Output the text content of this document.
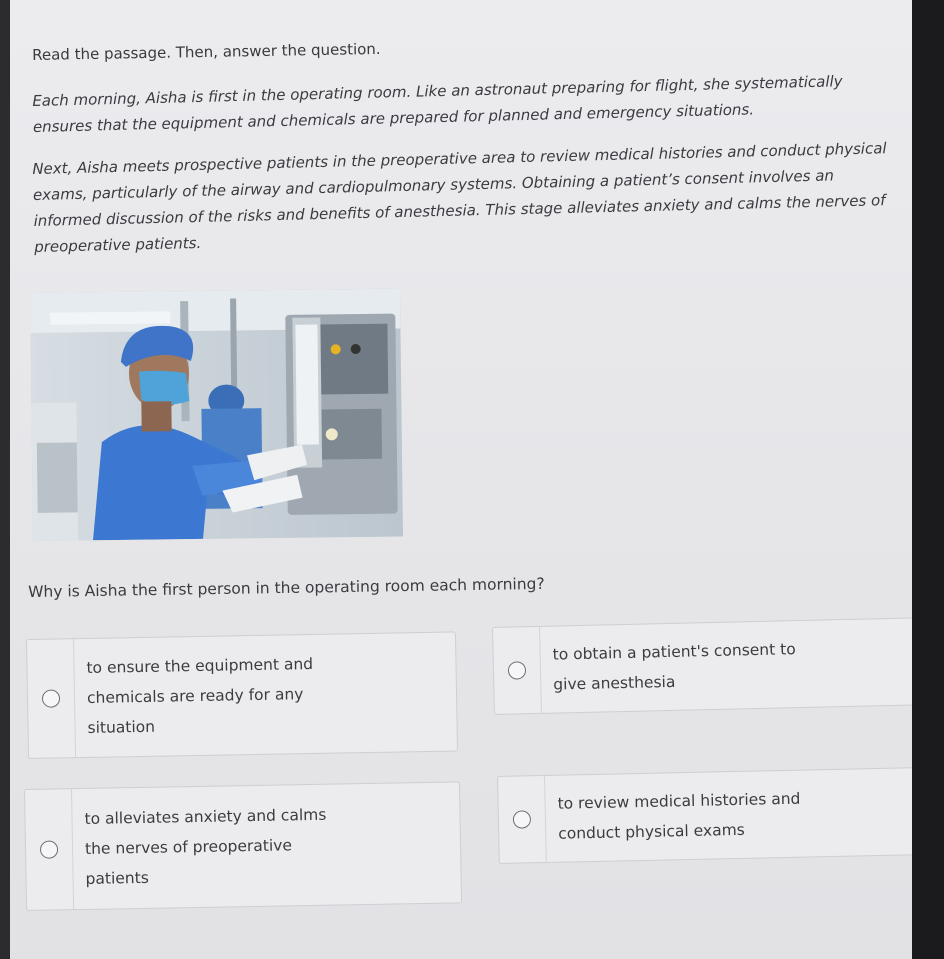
Read the passage. Then, answer the question.
Each morning, Aisha is first in the operating room. Like an astronaut preparing for flight, she systematically ensures that the equipment and chemicals are prepared for planned and emergency situations.
Next, Aisha meets prospective patients in the preoperative area to review medical histories and conduct physical exams, particularly of the airway and cardiopulmonary systems. Obtaining a patient’s consent involves an informed discussion of the risks and benefits of anesthesia. This stage alleviates anxiety and calms the nerves of preoperative patients.
Why is Aisha the first person in the operating room each morning?
to ensure the equipment and chemicals are ready for any situation
to obtain a patient's consent to give anesthesia
to alleviates anxiety and calms the nerves of preoperative patients
to review medical histories and conduct physical exams
